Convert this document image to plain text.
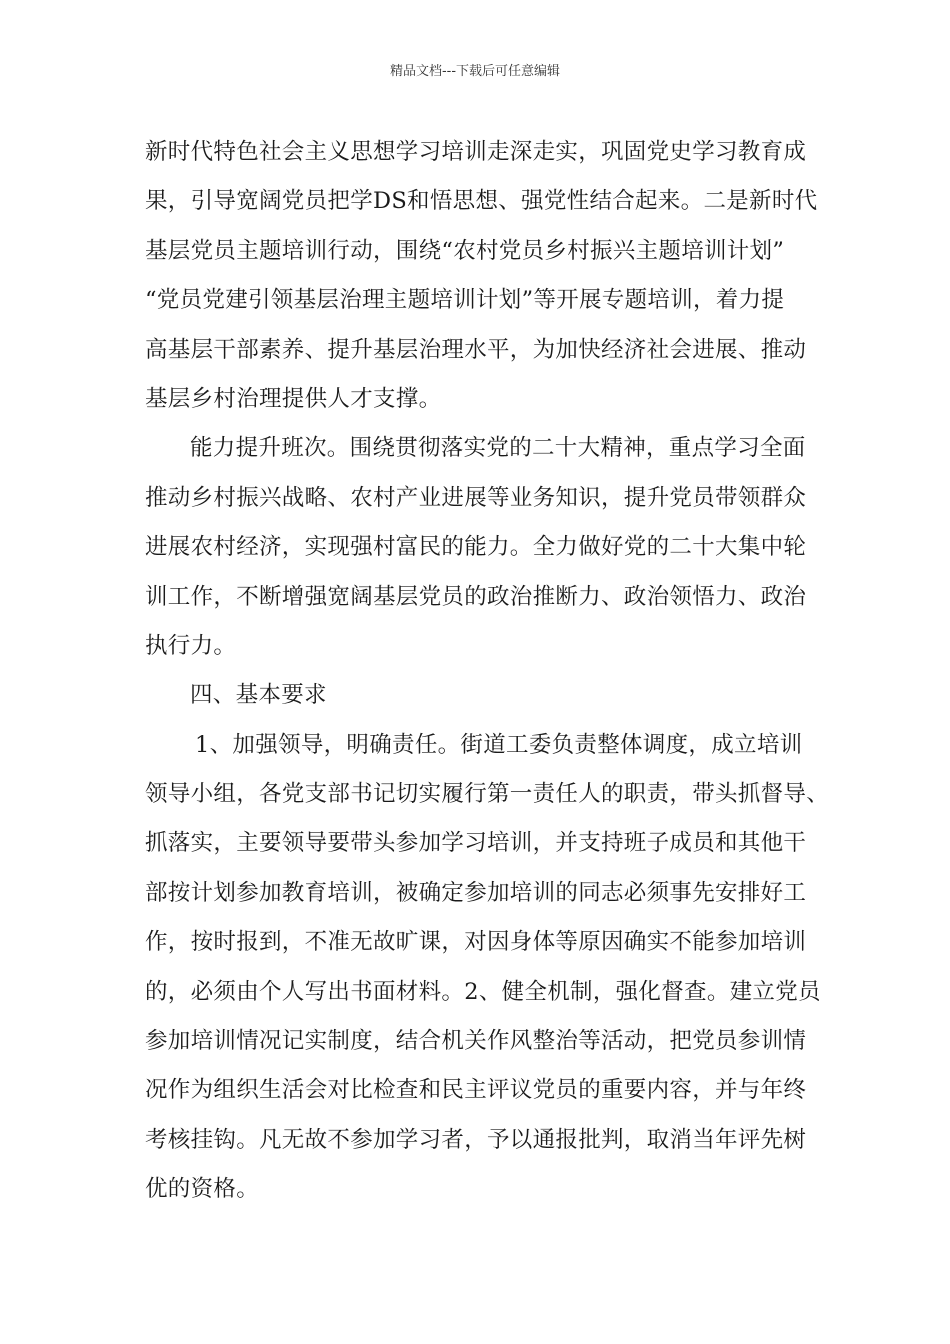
精品文档---下载后可任意编辑
新时代特色社会主义思想学习培训走深走实，巩固党史学习教育成
果，引导宽阔党员把学DS和悟思想、强党性结合起来。二是新时代
基层党员主题培训行动，围绕“农村党员乡村振兴主题培训计划”
“党员党建引领基层治理主题培训计划”等开展专题培训，着力提
高基层干部素养、提升基层治理水平，为加快经济社会进展、推动
基层乡村治理提供人才支撑。
能力提升班次。围绕贯彻落实党的二十大精神，重点学习全面
推动乡村振兴战略、农村产业进展等业务知识，提升党员带领群众
进展农村经济，实现强村富民的能力。全力做好党的二十大集中轮
训工作，不断增强宽阔基层党员的政治推断力、政治领悟力、政治
执行力。
四、基本要求
1、加强领导，明确责任。街道工委负责整体调度，成立培训
领导小组，各党支部书记切实履行第一责任人的职责，带头抓督导、
抓落实，主要领导要带头参加学习培训，并支持班子成员和其他干
部按计划参加教育培训，被确定参加培训的同志必须事先安排好工
作，按时报到，不准无故旷课，对因身体等原因确实不能参加培训
的，必须由个人写出书面材料。2、健全机制，强化督查。建立党员
参加培训情况记实制度，结合机关作风整治等活动，把党员参训情
况作为组织生活会对比检查和民主评议党员的重要内容，并与年终
考核挂钩。凡无故不参加学习者，予以通报批判，取消当年评先树
优的资格。
